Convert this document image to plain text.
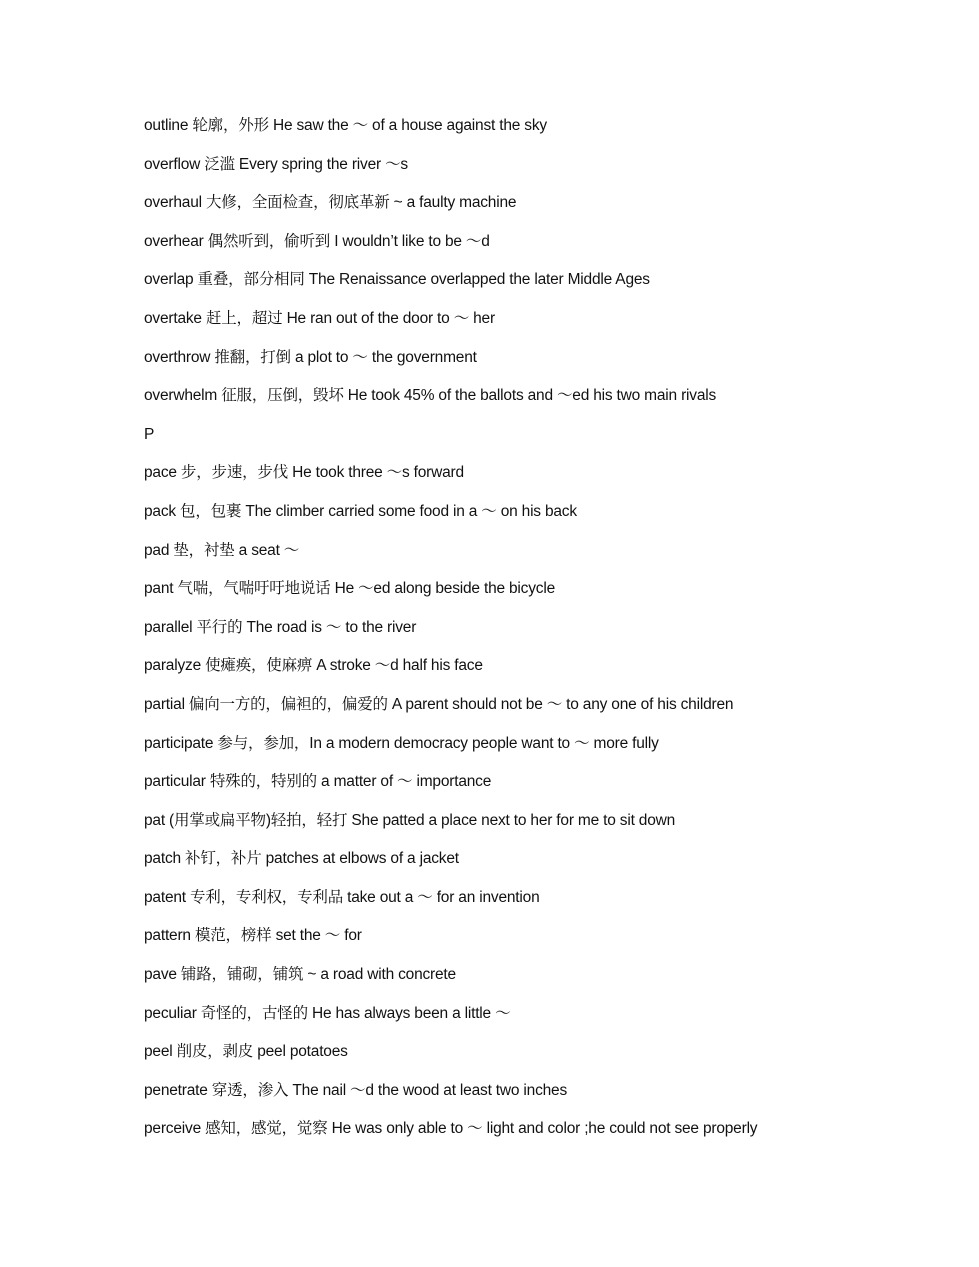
outline 轮廓，外形 He saw the ～ of a house against the sky
overflow 泛滥 Every spring the river ～s
overhaul 大修，全面检查，彻底革新 ~ a faulty machine
overhear 偶然听到，偷听到 I wouldn’t like to be ～d
overlap 重叠，部分相同 The Renaissance overlapped the later Middle Ages
overtake 赶上，超过 He ran out of the door to ～ her
overthrow 推翻，打倒 a plot to ～ the government
overwhelm 征服，压倒，毁坏 He took 45% of the ballots and ～ed his two main rivals
P
pace 步，步速，步伐 He took three ～s forward
pack 包，包裹 The climber carried some food in a ～ on his back
pad 垫，衬垫 a seat ～
pant 气喘，气喘吁吁地说话 He ～ed along beside the bicycle
parallel 平行的 The road is ～ to the river
paralyze 使瘫痪，使麻痹 A stroke ～d half his face
partial 偏向一方的，偏袒的，偏爱的 A parent should not be ～ to any one of his children
participate 参与，参加，In a modern democracy people want to ～ more fully
particular 特殊的，特别的 a matter of ～ importance
pat (用掌或扁平物)轻拍，轻打 She patted a place next to her for me to sit down
patch 补钉，补片 patches at elbows of a jacket
patent 专利，专利权，专利品 take out a ～ for an invention
pattern 模范，榜样 set the ～ for
pave 铺路，铺砌，铺筑 ~ a road with concrete
peculiar 奇怪的，古怪的 He has always been a little ～
peel 削皮，剥皮 peel potatoes
penetrate 穿透，渗入 The nail ～d the wood at least two inches
perceive 感知，感觉，觉察 He was only able to ～ light and color ;he could not see properly
